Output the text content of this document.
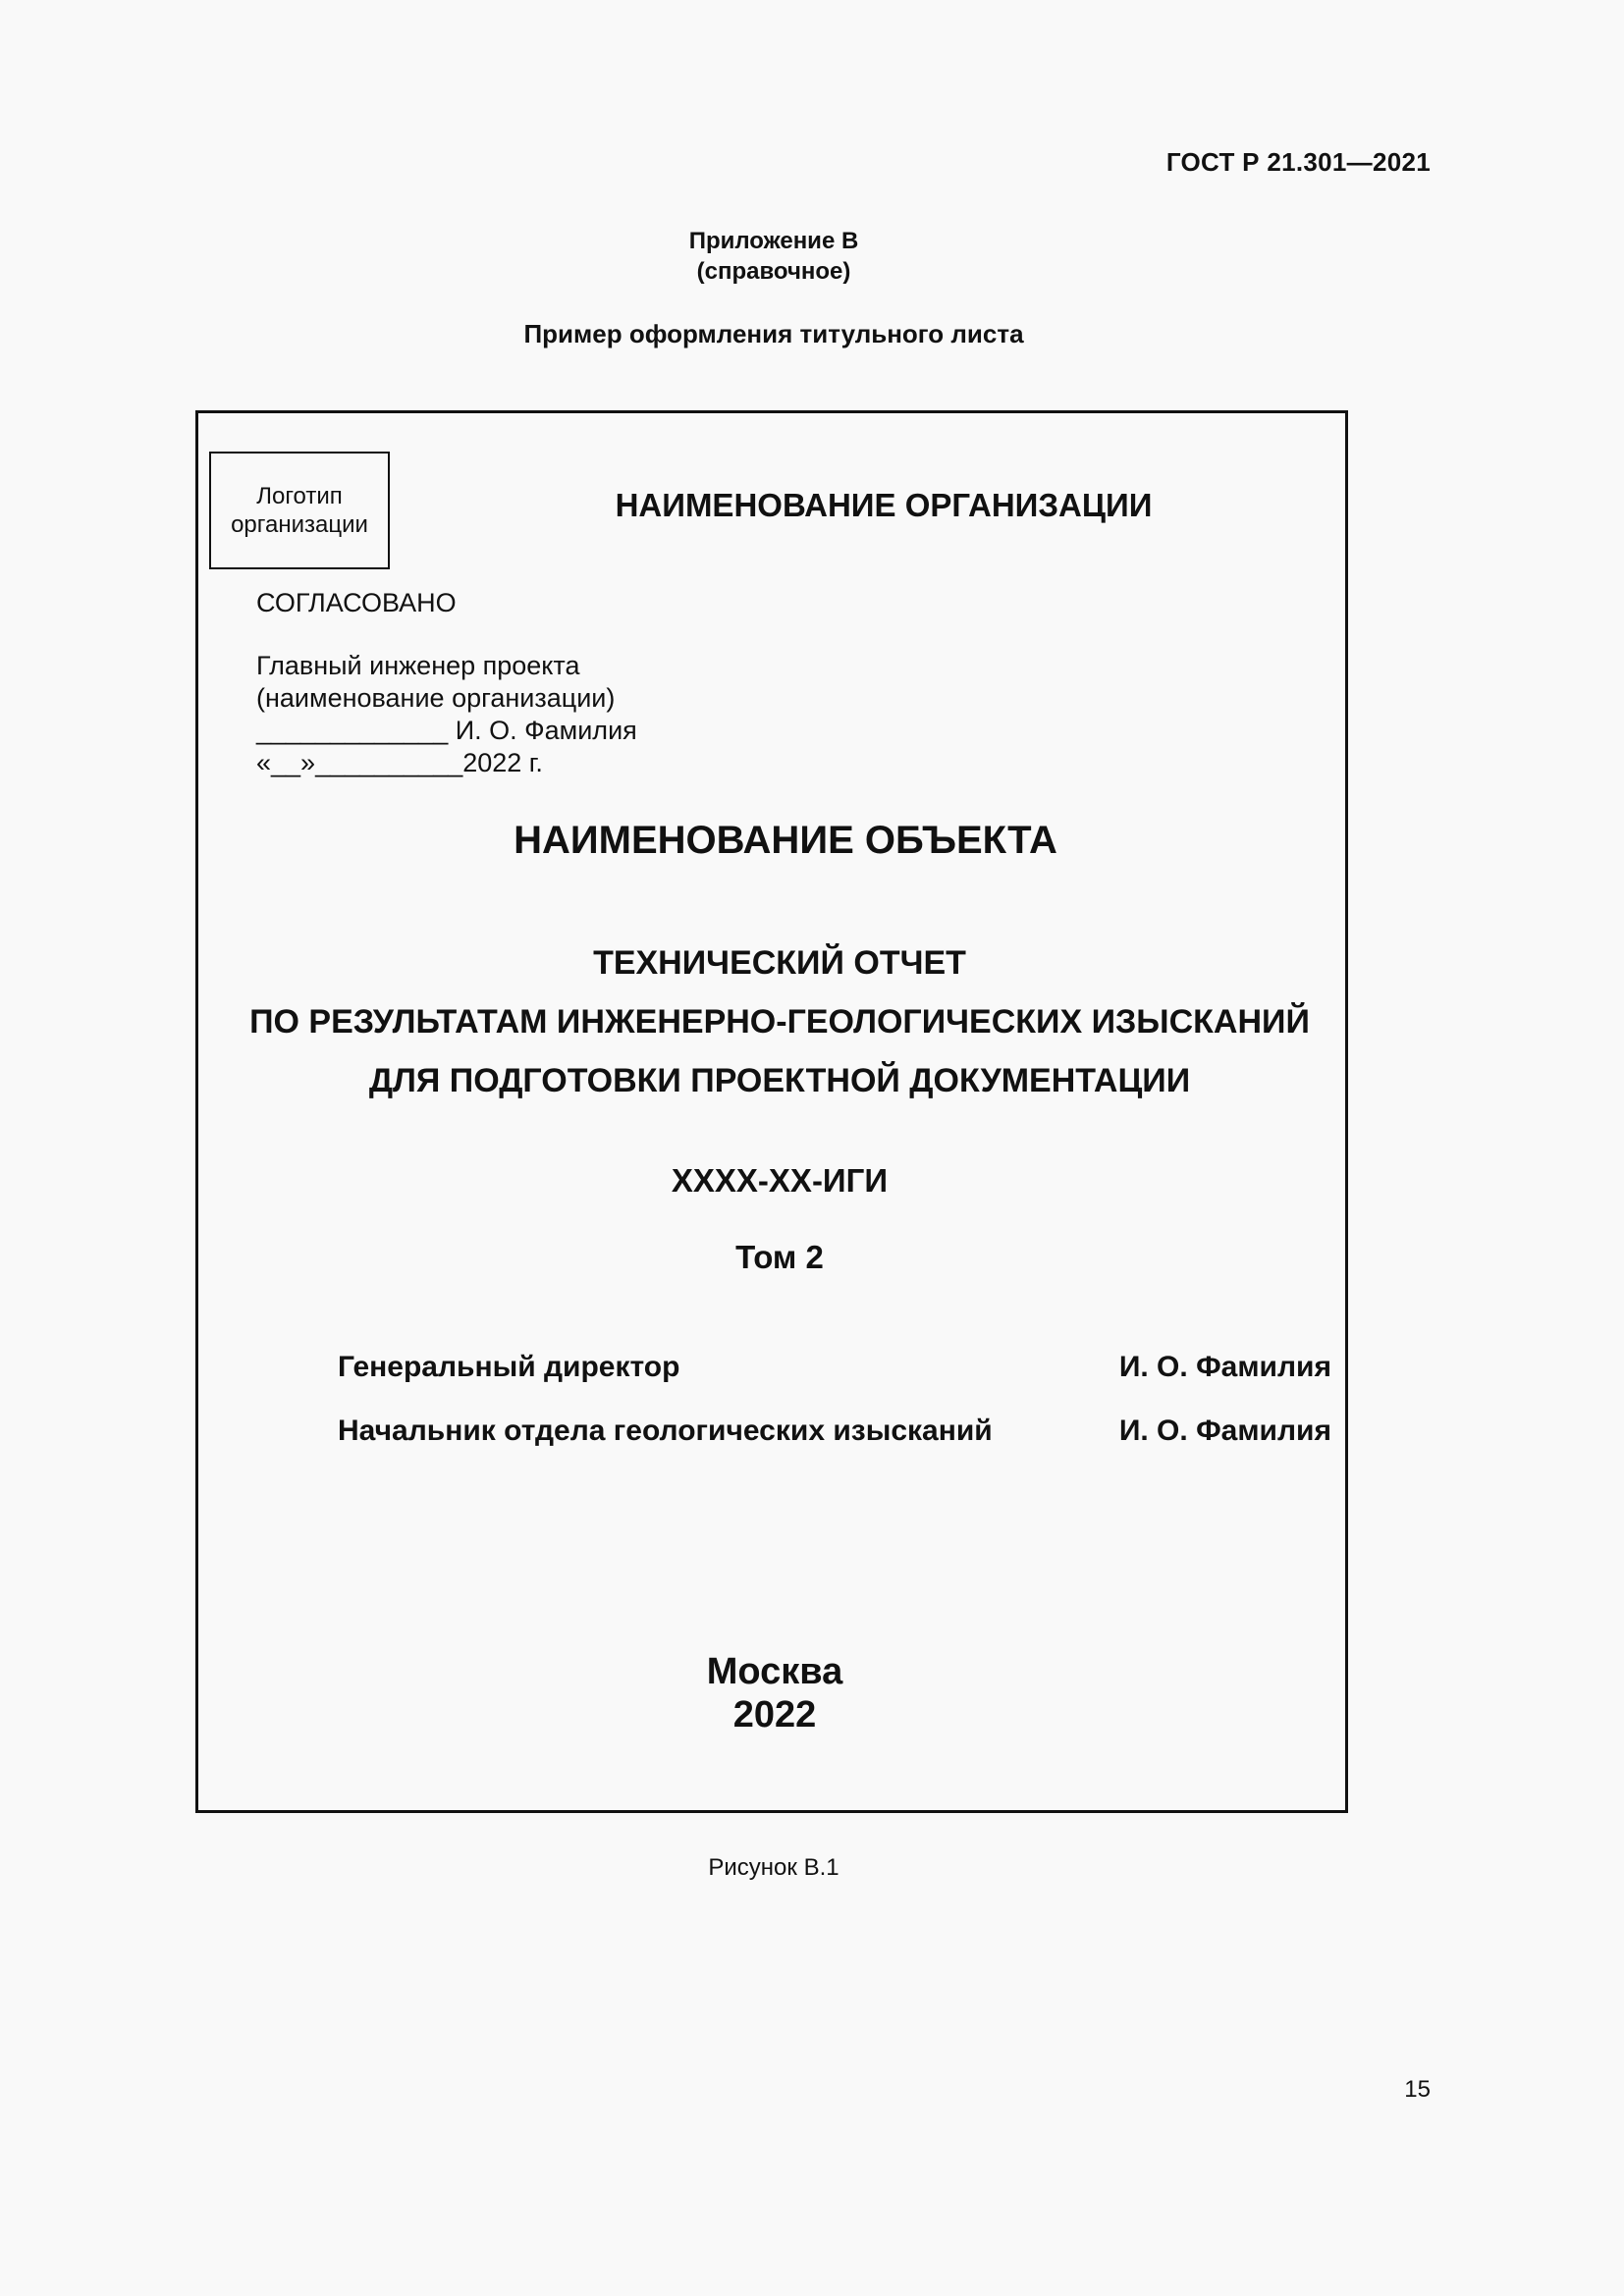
ГОСТ Р 21.301—2021
Приложение В
(справочное)
Пример оформления титульного листа
Логотип
организации
НАИМЕНОВАНИЕ ОРГАНИЗАЦИИ
СОГЛАСОВАНО
Главный инженер проекта
(наименование организации)
_____________ И. О. Фамилия
«__»__________2022 г.
НАИМЕНОВАНИЕ ОБЪЕКТА
ТЕХНИЧЕСКИЙ ОТЧЕТ
ПО РЕЗУЛЬТАТАМ ИНЖЕНЕРНО-ГЕОЛОГИЧЕСКИХ ИЗЫСКАНИЙ
ДЛЯ ПОДГОТОВКИ ПРОЕКТНОЙ ДОКУМЕНТАЦИИ
XXXX-XX-ИГИ
Том 2
Генеральный директор	И. О. Фамилия
Начальник отдела геологических изысканий	И. О. Фамилия
Москва
2022
Рисунок В.1
15
